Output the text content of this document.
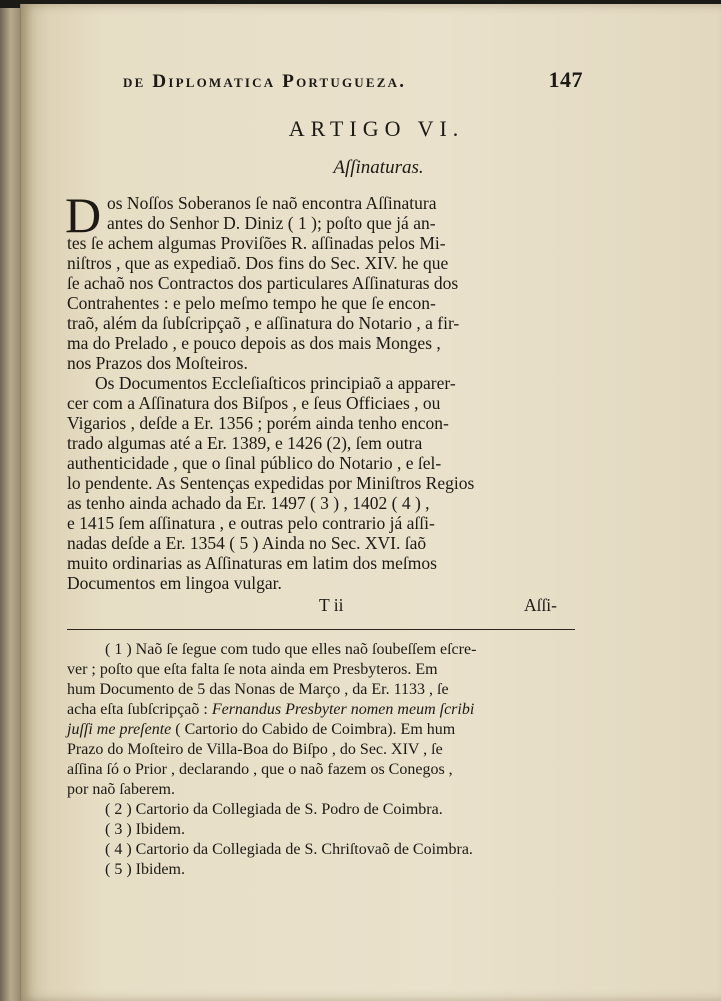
de Diplomatica Portugueza.	147
ARTIGO VI.
Aſſinaturas.
D os Noſſos Soberanos ſe naõ encontra Aſſinatura
antes do Senhor D. Diniz ( 1 ); poſto que já an-
tes ſe achem algumas Proviſões R. aſſinadas pelos Mi-
niſtros , que as expediaõ. Dos fins do Sec. XIV. he que
ſe achaõ nos Contractos dos particulares Aſſinaturas dos
Contrahentes : e pelo meſmo tempo he que ſe encon-
traõ, além da ſubſcripçaõ , e aſſinatura do Notario , a fir-
ma do Prelado , e pouco depois as dos mais Monges ,
nos Prazos dos Moſteiros.
Os Documentos Eccleſiaſticos principiaõ a apparer-
cer com a Aſſinatura dos Biſpos , e ſeus Officiaes , ou
Vigarios , deſde a Er. 1356 ; porém ainda tenho encon-
trado algumas até a Er. 1389, e 1426 (2), ſem outra
authenticidade , que o ſinal público do Notario , e ſel-
lo pendente. As Sentenças expedidas por Miniſtros Regios
as tenho ainda achado da Er. 1497 ( 3 ) , 1402 ( 4 ) ,
e 1415 ſem aſſinatura , e outras pelo contrario já aſſi-
nadas deſde a Er. 1354 ( 5 ) Ainda no Sec. XVI. ſaõ
muito ordinarias as Aſſinaturas em latim dos meſmos
Documentos em lingoa vulgar.
T ii	Aſſi-
( 1 ) Naõ ſe ſegue com tudo que elles naõ ſoubeſſem eſcre-
ver ; poſto que eſta falta ſe nota ainda em Presbyteros. Em
hum Documento de 5 das Nonas de Março , da Er. 1133 , ſe
acha eſta ſubſcripçaõ : Fernandus Presbyter nomen meum ſcribi
juſſi me preſente ( Cartorio do Cabido de Coimbra). Em hum
Prazo do Moſteiro de Villa-Boa do Biſpo , do Sec. XIV , ſe
aſſina ſó o Prior , declarando , que o naõ fazem os Conegos ,
por naõ ſaberem.
( 2 ) Cartorio da Collegiada de S. Podro de Coimbra.
( 3 ) Ibidem.
( 4 ) Cartorio da Collegiada de S. Chriſtovaõ de Coimbra.
( 5 ) Ibidem.
